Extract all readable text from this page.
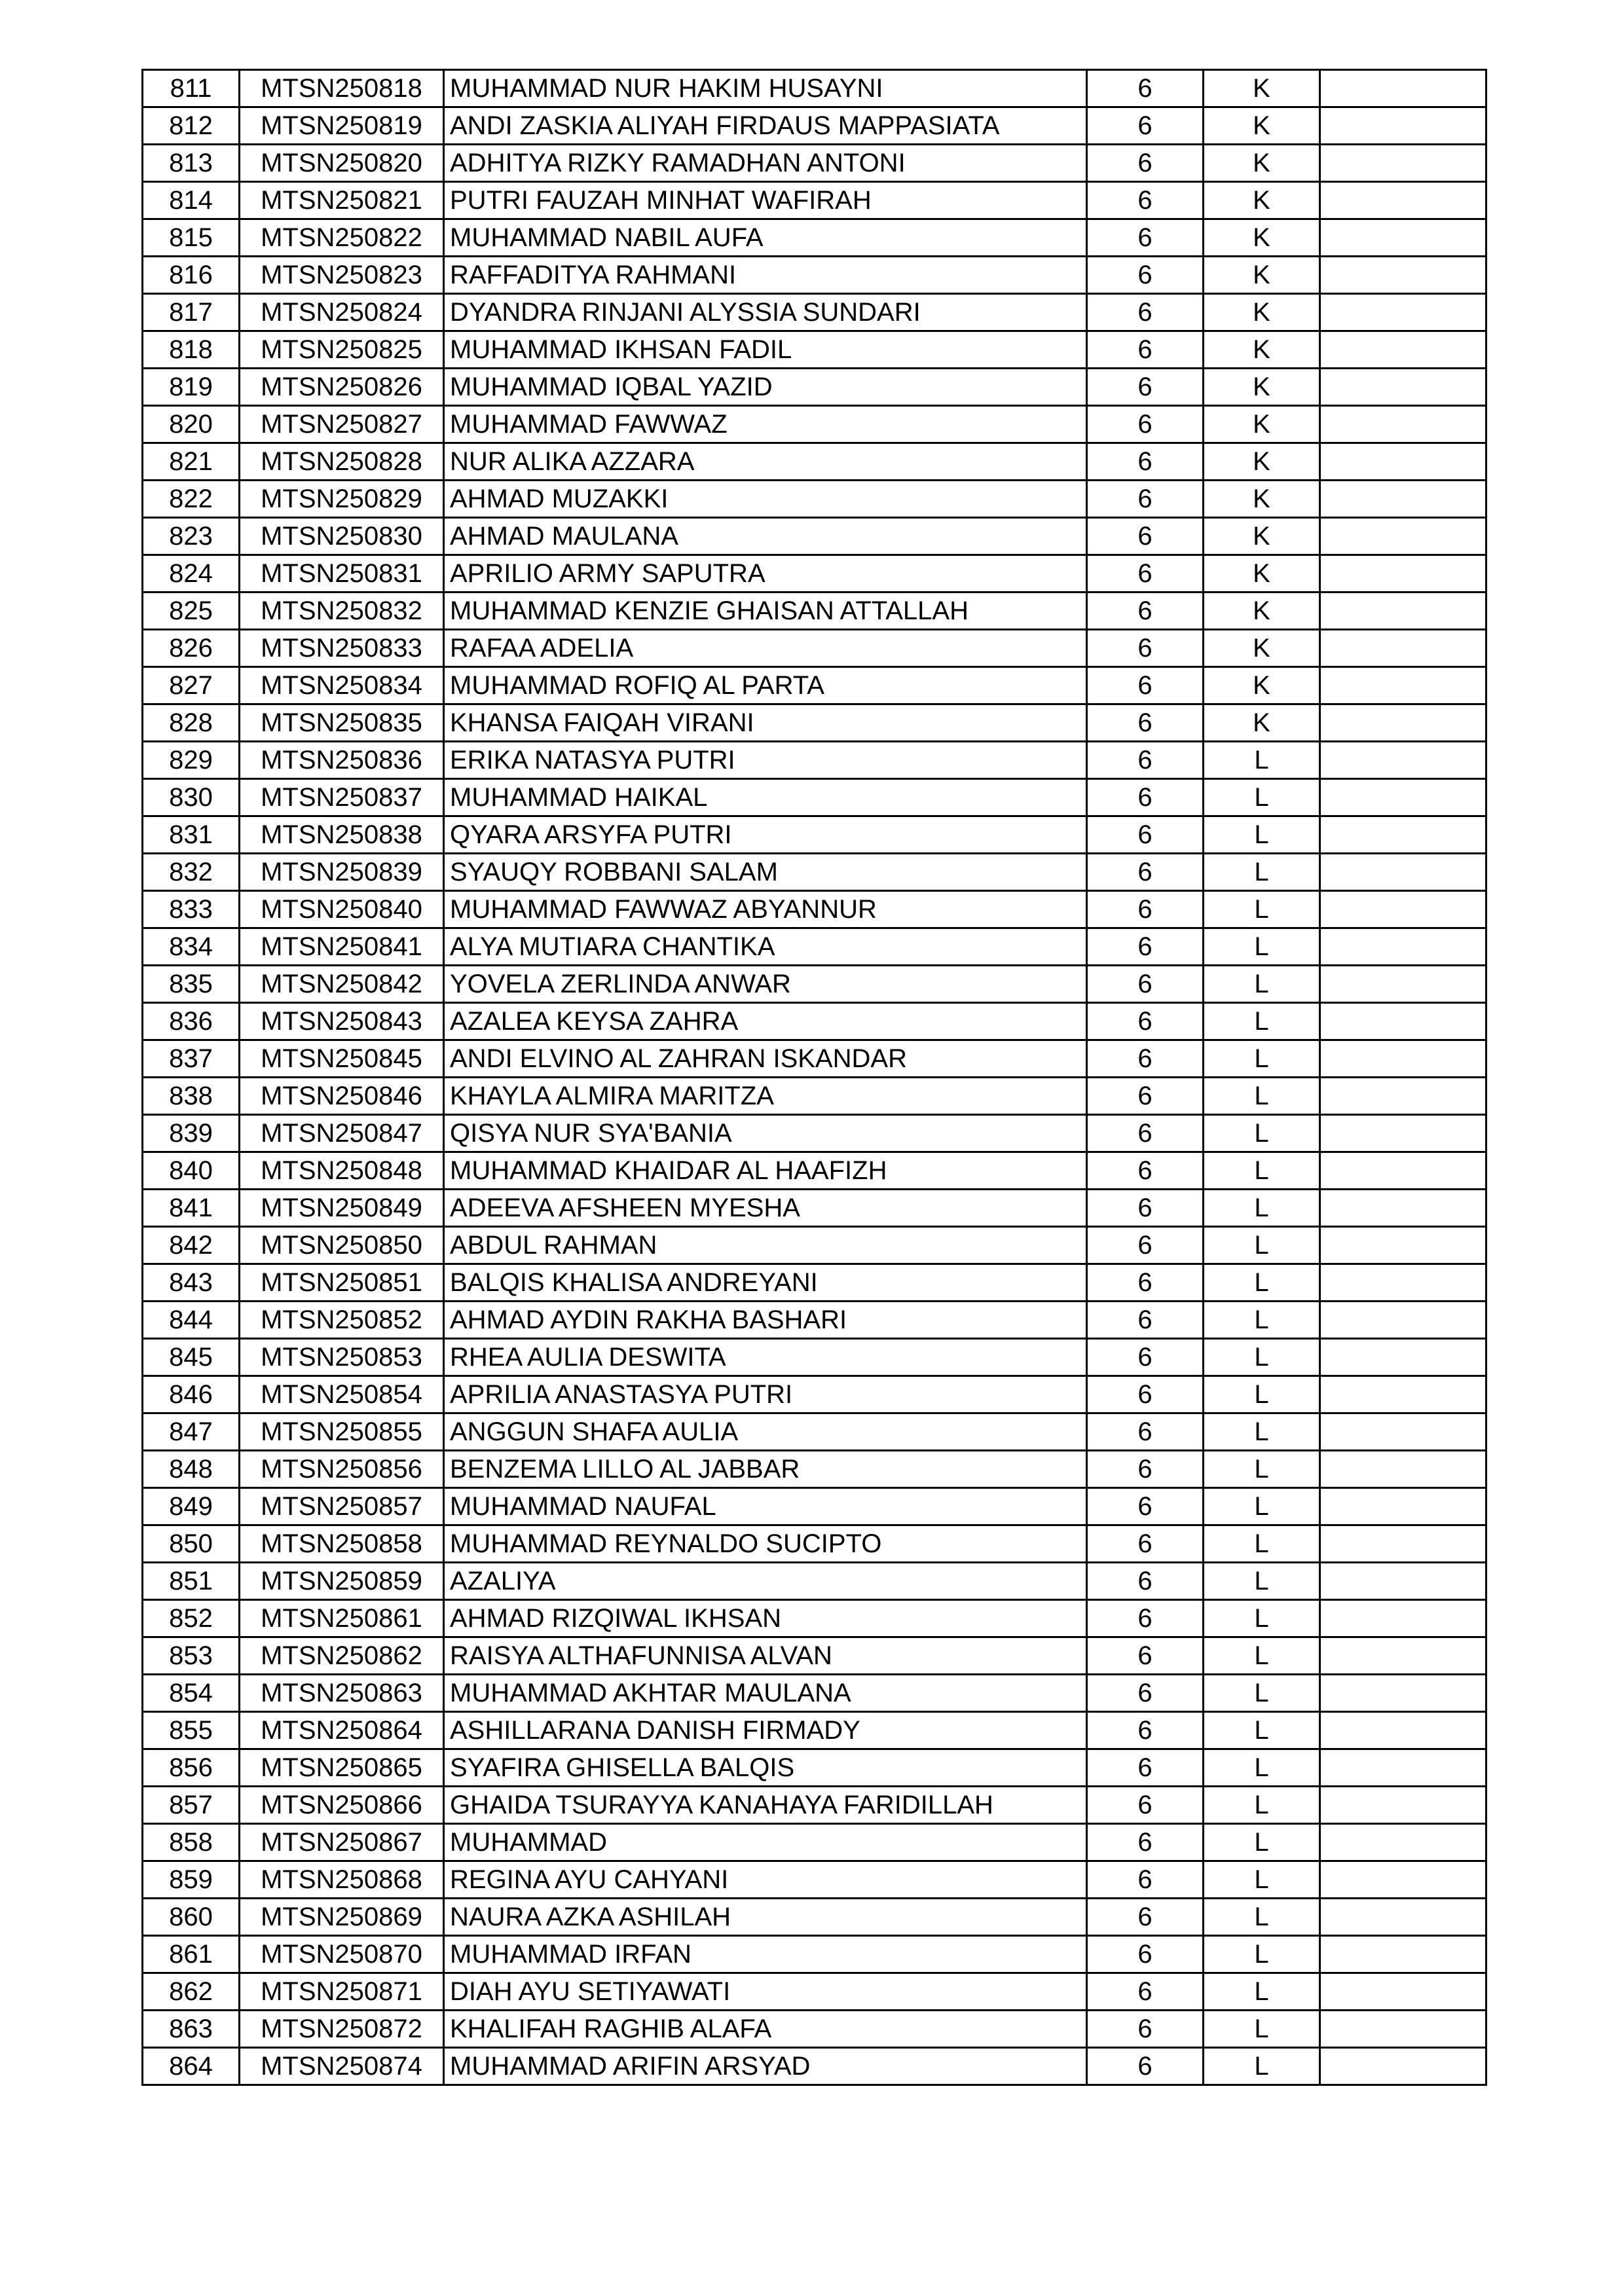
811	MTSN250818	MUHAMMAD NUR HAKIM HUSAYNI	6	K	
812	MTSN250819	ANDI ZASKIA ALIYAH FIRDAUS MAPPASIATA	6	K	
813	MTSN250820	ADHITYA RIZKY RAMADHAN ANTONI	6	K	
814	MTSN250821	PUTRI FAUZAH MINHAT WAFIRAH	6	K	
815	MTSN250822	MUHAMMAD NABIL AUFA	6	K	
816	MTSN250823	RAFFADITYA RAHMANI	6	K	
817	MTSN250824	DYANDRA RINJANI ALYSSIA SUNDARI	6	K	
818	MTSN250825	MUHAMMAD IKHSAN FADIL	6	K	
819	MTSN250826	MUHAMMAD IQBAL YAZID	6	K	
820	MTSN250827	MUHAMMAD FAWWAZ	6	K	
821	MTSN250828	NUR ALIKA AZZARA	6	K	
822	MTSN250829	AHMAD MUZAKKI	6	K	
823	MTSN250830	AHMAD MAULANA	6	K	
824	MTSN250831	APRILIO ARMY SAPUTRA	6	K	
825	MTSN250832	MUHAMMAD KENZIE GHAISAN ATTALLAH	6	K	
826	MTSN250833	RAFAA ADELIA	6	K	
827	MTSN250834	MUHAMMAD ROFIQ AL PARTA	6	K	
828	MTSN250835	KHANSA FAIQAH VIRANI	6	K	
829	MTSN250836	ERIKA NATASYA PUTRI	6	L	
830	MTSN250837	MUHAMMAD HAIKAL	6	L	
831	MTSN250838	QYARA ARSYFA PUTRI	6	L	
832	MTSN250839	SYAUQY ROBBANI SALAM	6	L	
833	MTSN250840	MUHAMMAD FAWWAZ ABYANNUR	6	L	
834	MTSN250841	ALYA MUTIARA CHANTIKA	6	L	
835	MTSN250842	YOVELA ZERLINDA ANWAR	6	L	
836	MTSN250843	AZALEA KEYSA ZAHRA	6	L	
837	MTSN250845	ANDI ELVINO AL ZAHRAN ISKANDAR	6	L	
838	MTSN250846	KHAYLA ALMIRA MARITZA	6	L	
839	MTSN250847	QISYA NUR SYA'BANIA	6	L	
840	MTSN250848	MUHAMMAD KHAIDAR AL HAAFIZH	6	L	
841	MTSN250849	ADEEVA AFSHEEN MYESHA	6	L	
842	MTSN250850	ABDUL RAHMAN	6	L	
843	MTSN250851	BALQIS KHALISA ANDREYANI	6	L	
844	MTSN250852	AHMAD AYDIN RAKHA BASHARI	6	L	
845	MTSN250853	RHEA AULIA DESWITA	6	L	
846	MTSN250854	APRILIA ANASTASYA PUTRI	6	L	
847	MTSN250855	ANGGUN SHAFA AULIA	6	L	
848	MTSN250856	BENZEMA LILLO AL JABBAR	6	L	
849	MTSN250857	MUHAMMAD NAUFAL	6	L	
850	MTSN250858	MUHAMMAD REYNALDO SUCIPTO	6	L	
851	MTSN250859	AZALIYA	6	L	
852	MTSN250861	AHMAD RIZQIWAL IKHSAN	6	L	
853	MTSN250862	RAISYA ALTHAFUNNISA ALVAN	6	L	
854	MTSN250863	MUHAMMAD AKHTAR MAULANA	6	L	
855	MTSN250864	ASHILLARANA DANISH FIRMADY	6	L	
856	MTSN250865	SYAFIRA GHISELLA BALQIS	6	L	
857	MTSN250866	GHAIDA TSURAYYA KANAHAYA FARIDILLAH	6	L	
858	MTSN250867	MUHAMMAD	6	L	
859	MTSN250868	REGINA AYU CAHYANI	6	L	
860	MTSN250869	NAURA AZKA ASHILAH	6	L	
861	MTSN250870	MUHAMMAD IRFAN	6	L	
862	MTSN250871	DIAH AYU SETIYAWATI	6	L	
863	MTSN250872	KHALIFAH RAGHIB ALAFA	6	L	
864	MTSN250874	MUHAMMAD ARIFIN ARSYAD	6	L	
